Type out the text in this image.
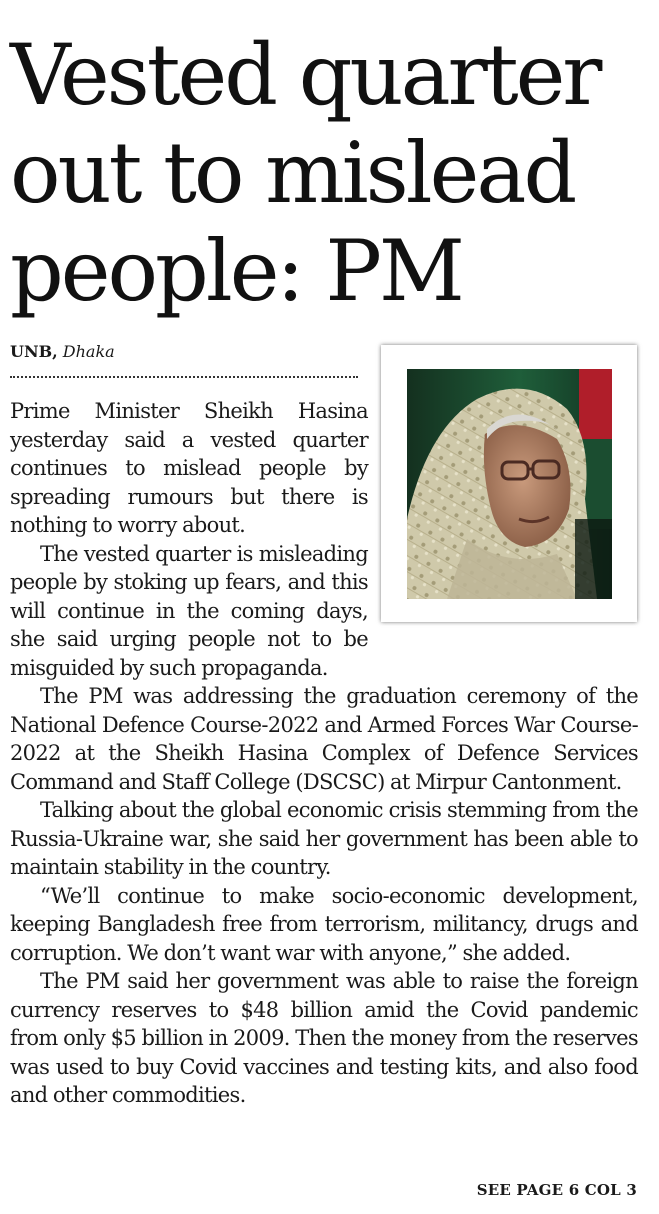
Vested quarter
out to mislead
people: PM
UNB, Dhaka

Prime Minister Sheikh Hasina yesterday said a vested quarter continues to mislead people by spreading rumours but there is nothing to worry about.

The vested quarter is misleading people by stoking up fears, and this will continue in the coming days, she said urging people not to be misguided by such propaganda.

The PM was addressing the graduation ceremony of the National Defence Course-2022 and Armed Forces War Course-2022 at the Sheikh Hasina Complex of Defence Services Command and Staff College (DSCSC) at Mirpur Cantonment.

Talking about the global economic crisis stemming from the Russia-Ukraine war, she said her government has been able to maintain stability in the country.

“We’ll continue to make socio-economic development, keeping Bangladesh free from terrorism, militancy, drugs and corruption. We don’t want war with anyone,” she added.

The PM said her government was able to raise the foreign currency reserves to $48 billion amid the Covid pandemic from only $5 billion in 2009. Then the money from the reserves was used to buy Covid vaccines and testing kits, and also food and other commodities.

SEE PAGE 6 COL 3
